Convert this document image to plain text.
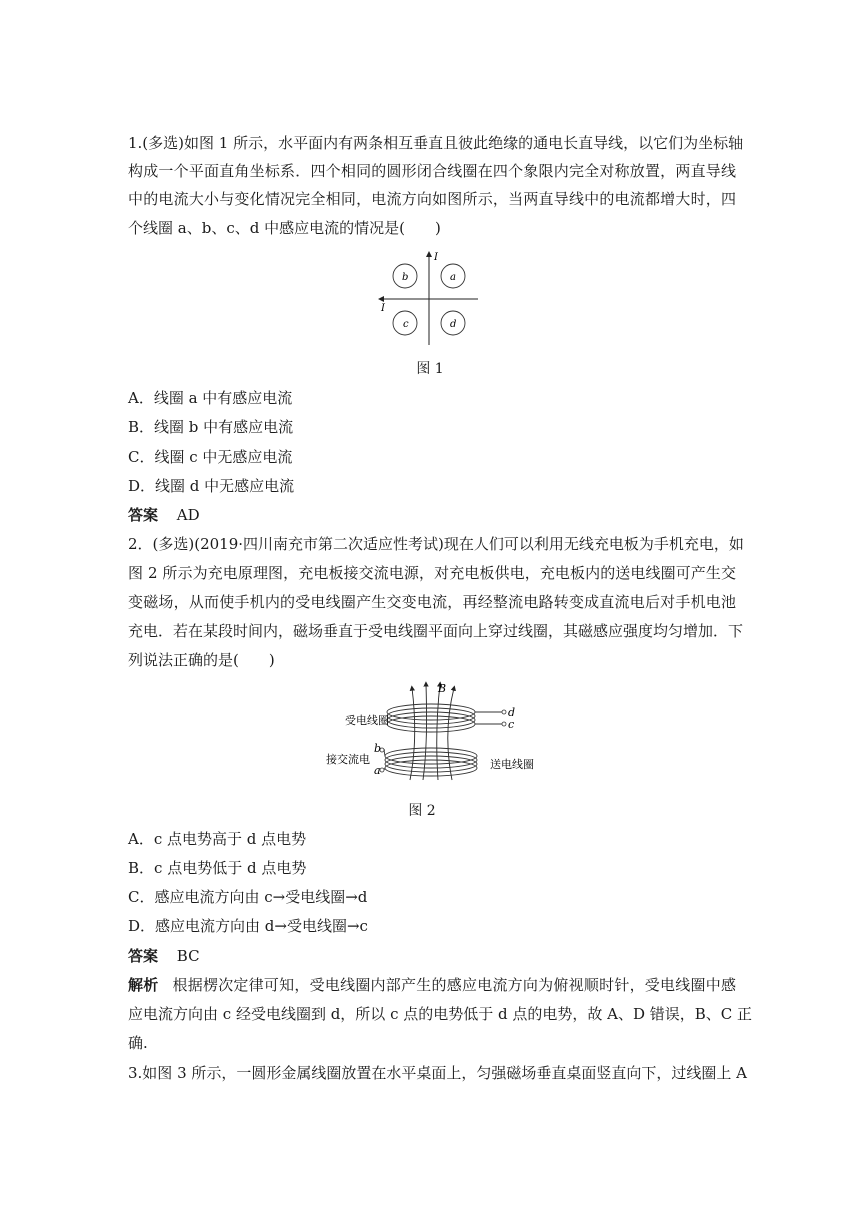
1.(多选)如图 1 所示，水平面内有两条相互垂直且彼此绝缘的通电长直导线，以它们为坐标轴
构成一个平面直角坐标系．四个相同的圆形闭合线圈在四个象限内完全对称放置，两直导线
中的电流大小与变化情况完全相同，电流方向如图所示，当两直导线中的电流都增大时，四
个线圈 a、b、c、d 中感应电流的情况是(　　)
I
I
b	a
c	d
图 1
A．线圈 a 中有感应电流
B．线圈 b 中有感应电流
C．线圈 c 中无感应电流
D．线圈 d 中无感应电流
答案 AD
2．(多选)(2019·四川南充市第二次适应性考试)现在人们可以利用无线充电板为手机充电，如
图 2 所示为充电原理图，充电板接交流电源，对充电板供电，充电板内的送电线圈可产生交
变磁场，从而使手机内的受电线圈产生交变电流，再经整流电路转变成直流电后对手机电池
充电．若在某段时间内，磁场垂直于受电线圈平面向上穿过线圈，其磁感应强度均匀增加．下
列说法正确的是(　　)
B
d
c
b
a
受电线圈
接交流电	送电线圈
图 2
A．c 点电势高于 d 点电势
B．c 点电势低于 d 点电势
C．感应电流方向由 c→受电线圈→d
D．感应电流方向由 d→受电线圈→c
答案 BC
解析 根据楞次定律可知，受电线圈内部产生的感应电流方向为俯视顺时针，受电线圈中感
应电流方向由 c 经受电线圈到 d，所以 c 点的电势低于 d 点的电势，故 A、D 错误，B、C 正
确.
3.如图 3 所示，一圆形金属线圈放置在水平桌面上，匀强磁场垂直桌面竖直向下，过线圈上 A
